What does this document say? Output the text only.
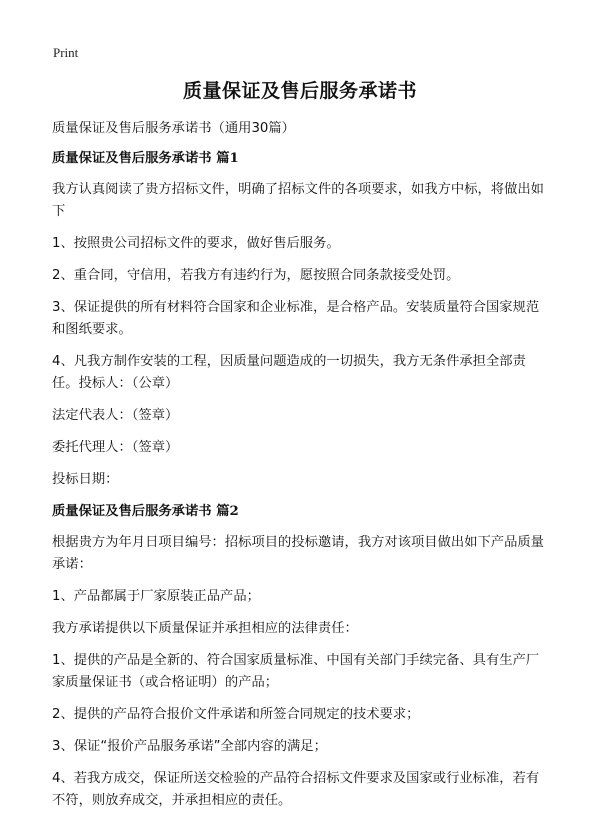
Print
质量保证及售后服务承诺书

质量保证及售后服务承诺书（通用30篇）

质量保证及售后服务承诺书 篇1

我方认真阅读了贵方招标文件，明确了招标文件的各项要求，如我方中标，将做出如下

1、按照贵公司招标文件的要求，做好售后服务。

2、重合同，守信用，若我方有违约行为，愿按照合同条款接受处罚。

3、保证提供的所有材料符合国家和企业标准，是合格产品。安装质量符合国家规范和图纸要求。

4、凡我方制作安装的工程，因质量问题造成的一切损失，我方无条件承担全部责任。投标人：（公章）

法定代表人：（签章）

委托代理人：（签章）

投标日期：

质量保证及售后服务承诺书 篇2

根据贵方为年月日项目编号：招标项目的投标邀请，我方对该项目做出如下产品质量承诺：

1、产品都属于厂家原装正品产品；

我方承诺提供以下质量保证并承担相应的法律责任：

1、提供的产品是全新的、符合国家质量标准、中国有关部门手续完备、具有生产厂家质量保证书（或合格证明）的产品；

2、提供的产品符合报价文件承诺和所签合同规定的技术要求；

3、保证“报价产品服务承诺”全部内容的满足；

4、若我方成交，保证所送交检验的产品符合招标文件要求及国家或行业标准，若有不符，则放弃成交，并承担相应的责任。
